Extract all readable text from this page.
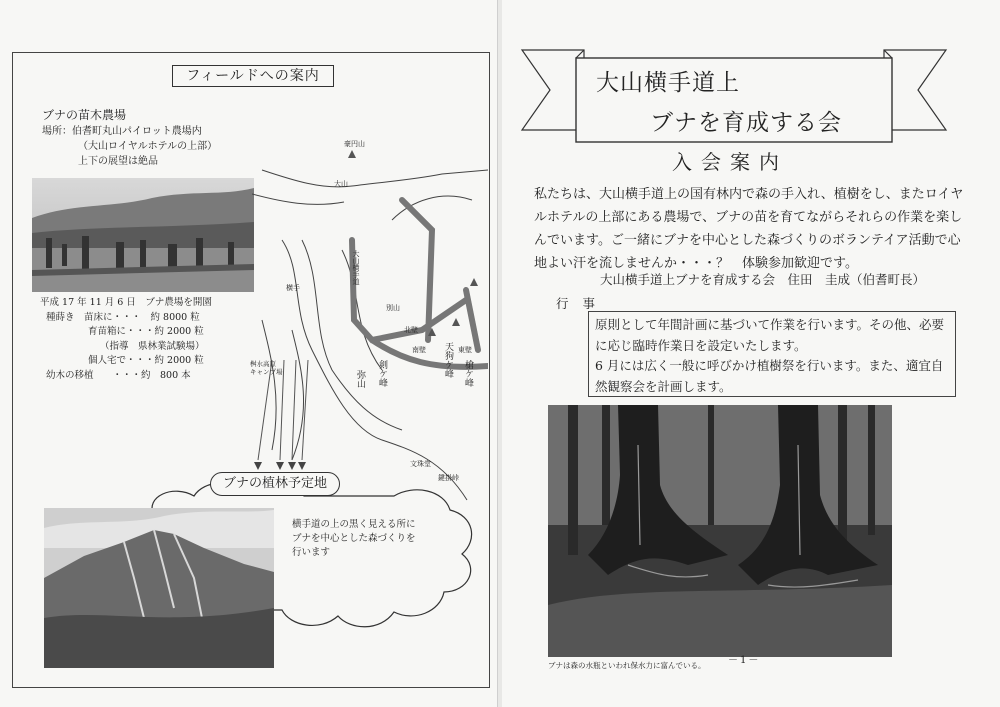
フィールドへの案内
ブナの苗木農場
場所：伯耆町丸山パイロット農場内
（大山ロイヤルホテルの上部）
上下の展望は絶品
平成 17 年 11 月 6 日　ブナ農場を開園
種蒔き　苗床に・・・　約 8000 粒
育苗箱に・・・約 2000 粒
（指導　県林業試験場）
個人宅で・・・約 2000 粒
幼木の移植　　・・・約　800 本
豪円山
大山
別山
北壁
南壁	東壁
鍵掛峠
文珠堂
横手
弥山 剣ケ峰
大山横手道
天狗ケ峰 槍ケ峰
桝水高原
キャンプ場
ブナの植林予定地
横手道の上の黒く見える所に
ブナを中心とした森づくりを
行います
大山横手道上
ブナを育成する会
入会案内

私たちは、大山横手道上の国有林内で森の手入れ、植樹をし、またロイヤルホテルの上部にある農場で、ブナの苗を育てながらそれらの作業を楽しんでいます。ご一緒にブナを中心とした森づくりのボランテイア活動で心地よい汗を流しませんか・・・？　体験参加歓迎です。

大山横手道上ブナを育成する会　住田　圭成（伯耆町長）
行事

原則として年間計画に基づいて作業を行います。その他、必要に応じ臨時作業日を設定いたします。

6 月には広く一般に呼びかけ植樹祭を行います。また、適宜自然観察会を計画します。

ブナは森の水瓶といわれ保水力に富んでいる。 －1－
